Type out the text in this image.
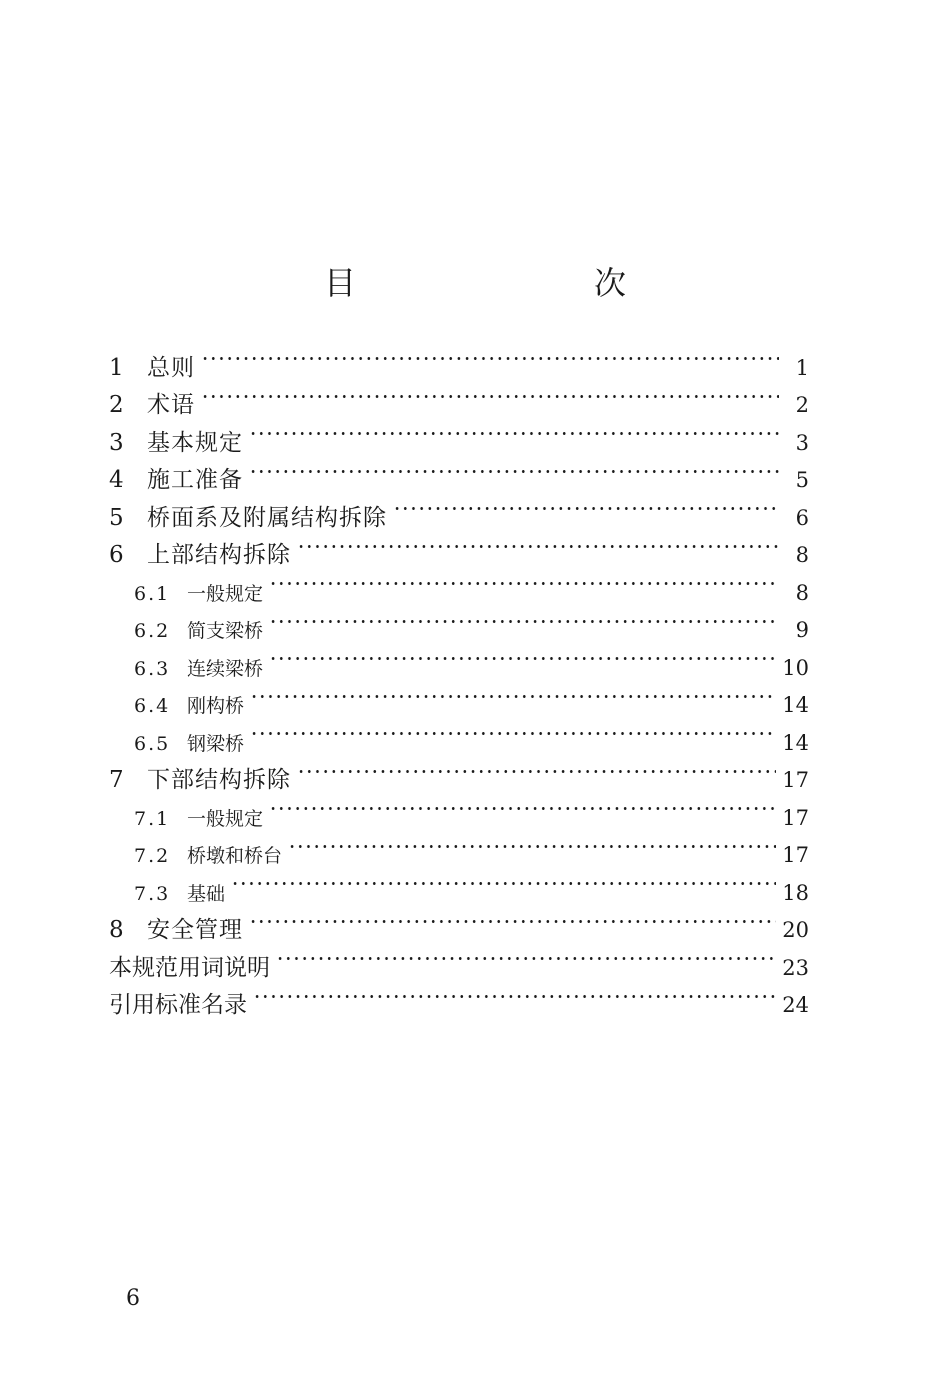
目　　次
1	总则	1
2	术语	2
3	基本规定	3
4	施工准备	5
5	桥面系及附属结构拆除	6
6	上部结构拆除	8
6.1 一般规定	8
6.2 简支梁桥	9
6.3 连续梁桥	10
6.4 刚构桥	14
6.5 钢梁桥	14
7	下部结构拆除	17
7.1 一般规定	17
7.2 桥墩和桥台	17
7.3 基础	18
8	安全管理	20
本规范用词说明	23
引用标准名录	24
6
